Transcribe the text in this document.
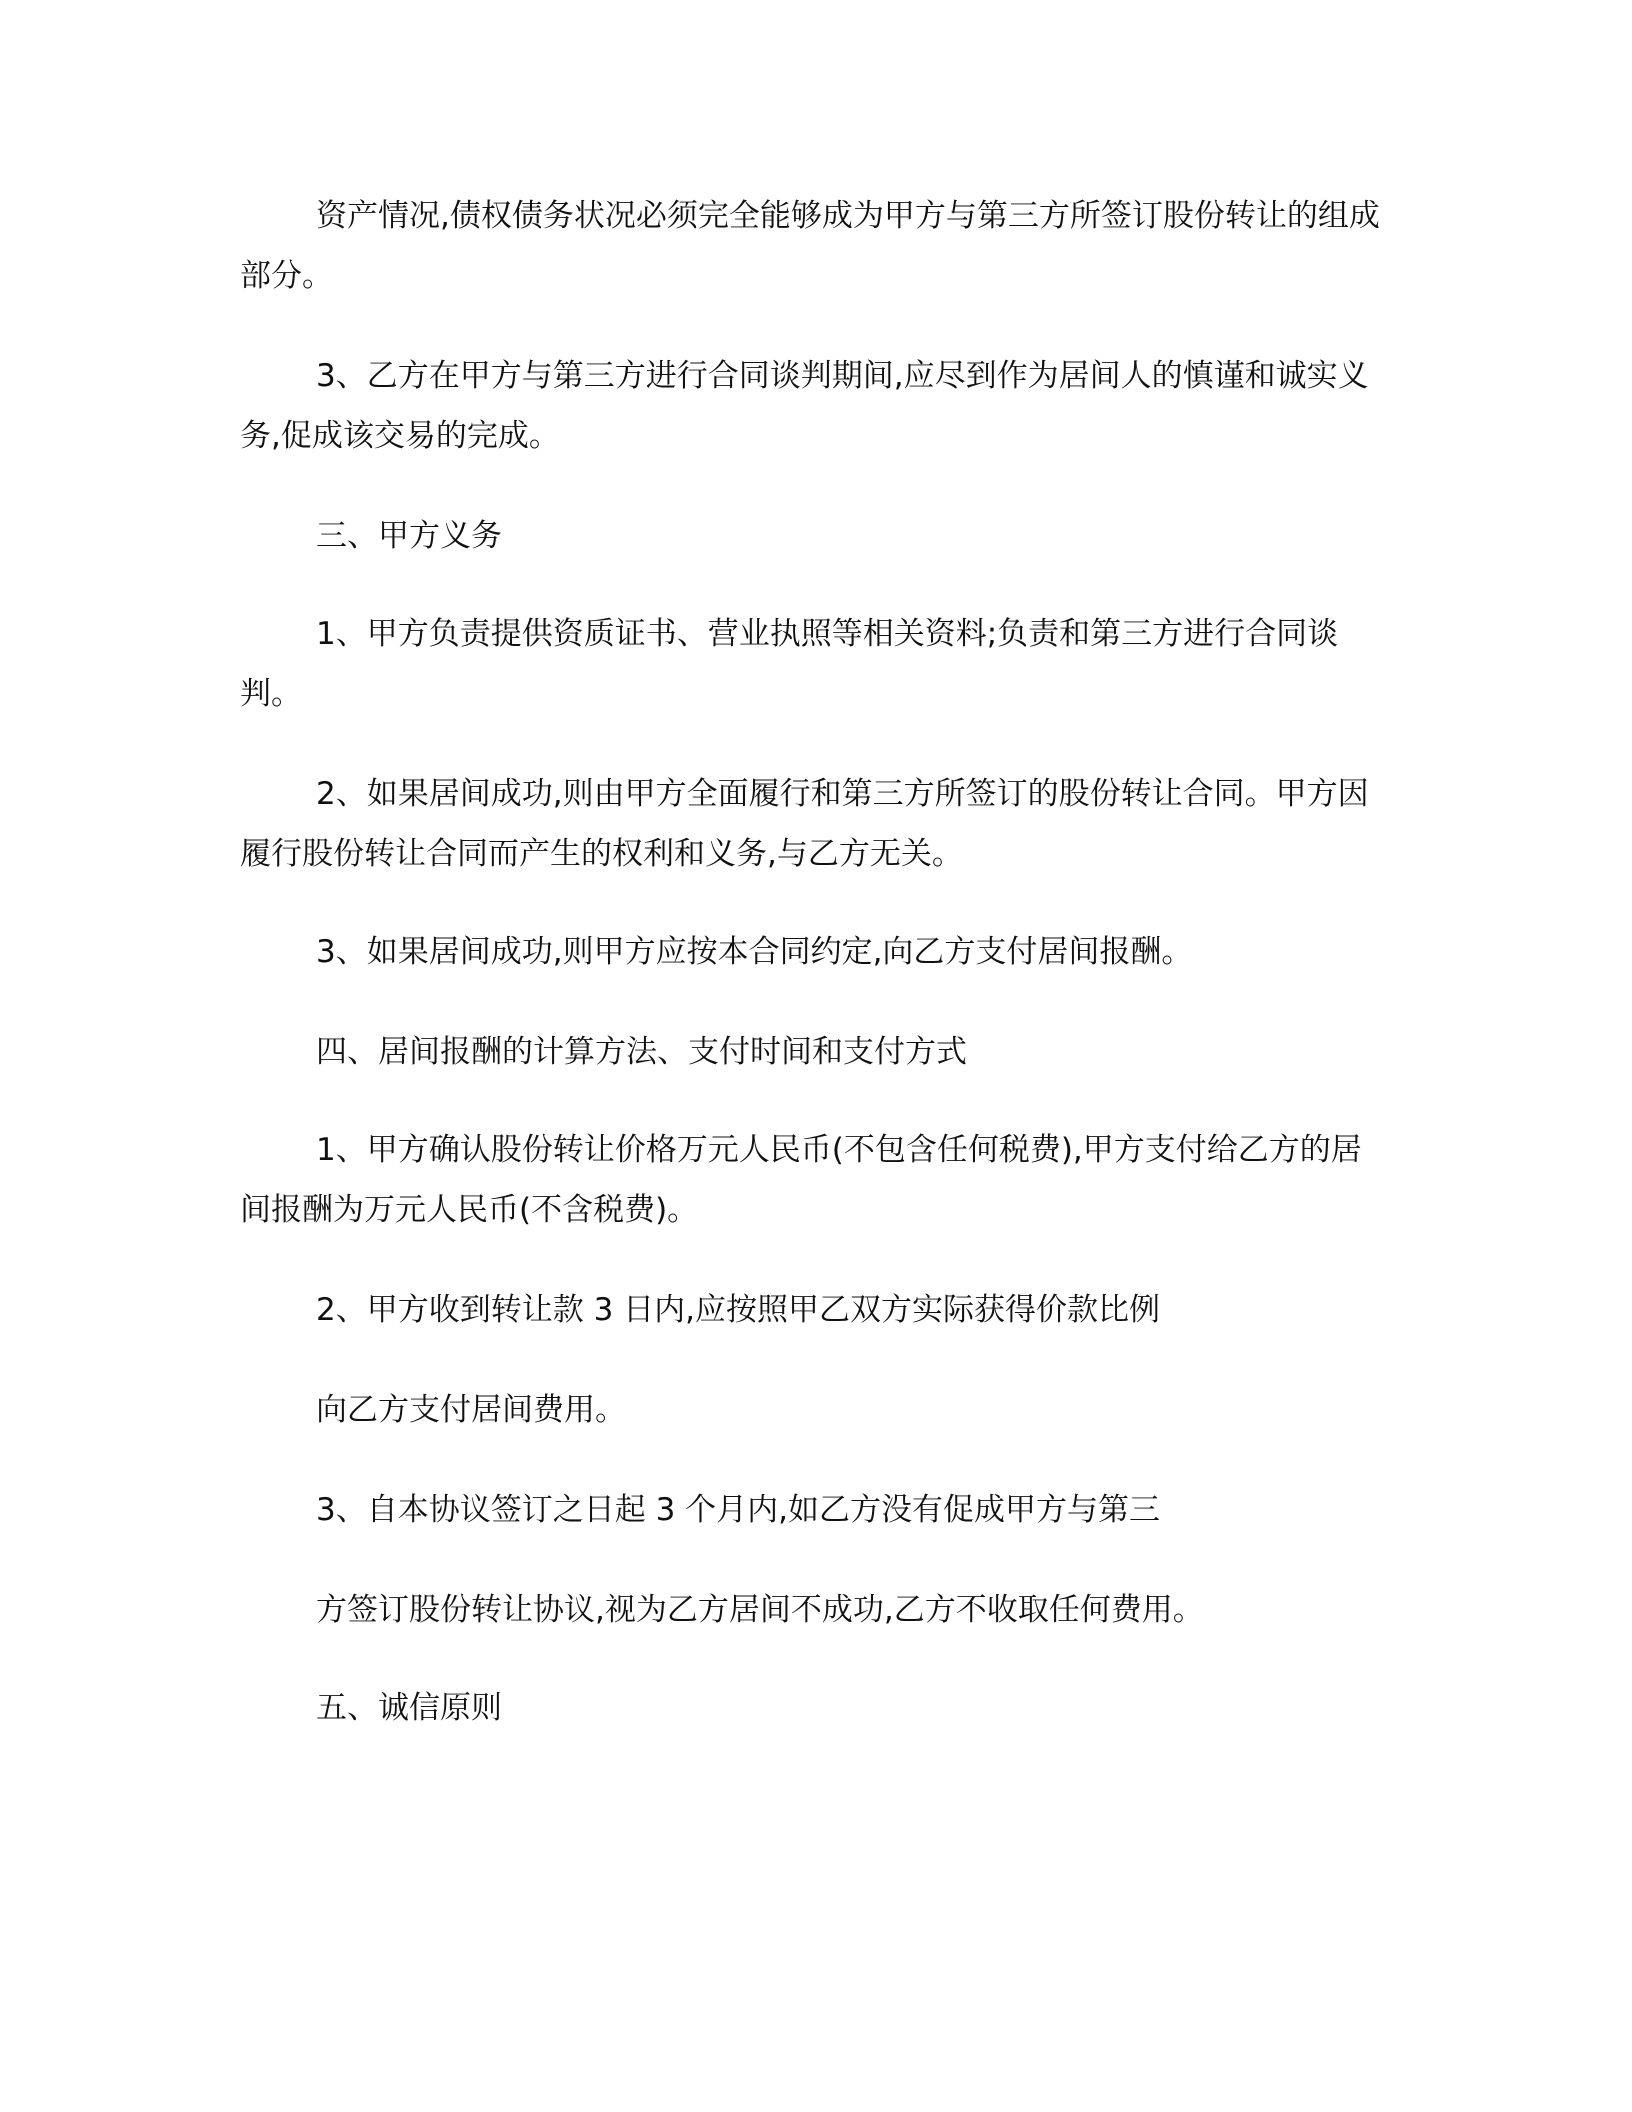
资产情况,债权债务状况必须完全能够成为甲方与第三方所签订股份转让的组成部分。

3、乙方在甲方与第三方进行合同谈判期间,应尽到作为居间人的慎谨和诚实义务,促成该交易的完成。

三、甲方义务

1、甲方负责提供资质证书、营业执照等相关资料;负责和第三方进行合同谈判。

2、如果居间成功,则由甲方全面履行和第三方所签订的股份转让合同。甲方因履行股份转让合同而产生的权利和义务,与乙方无关。

3、如果居间成功,则甲方应按本合同约定,向乙方支付居间报酬。

四、居间报酬的计算方法、支付时间和支付方式

1、甲方确认股份转让价格万元人民币(不包含任何税费),甲方支付给乙方的居间报酬为万元人民币(不含税费)。

2、甲方收到转让款 3 日内,应按照甲乙双方实际获得价款比例

向乙方支付居间费用。

3、自本协议签订之日起 3 个月内,如乙方没有促成甲方与第三

方签订股份转让协议,视为乙方居间不成功,乙方不收取任何费用。

五、诚信原则
